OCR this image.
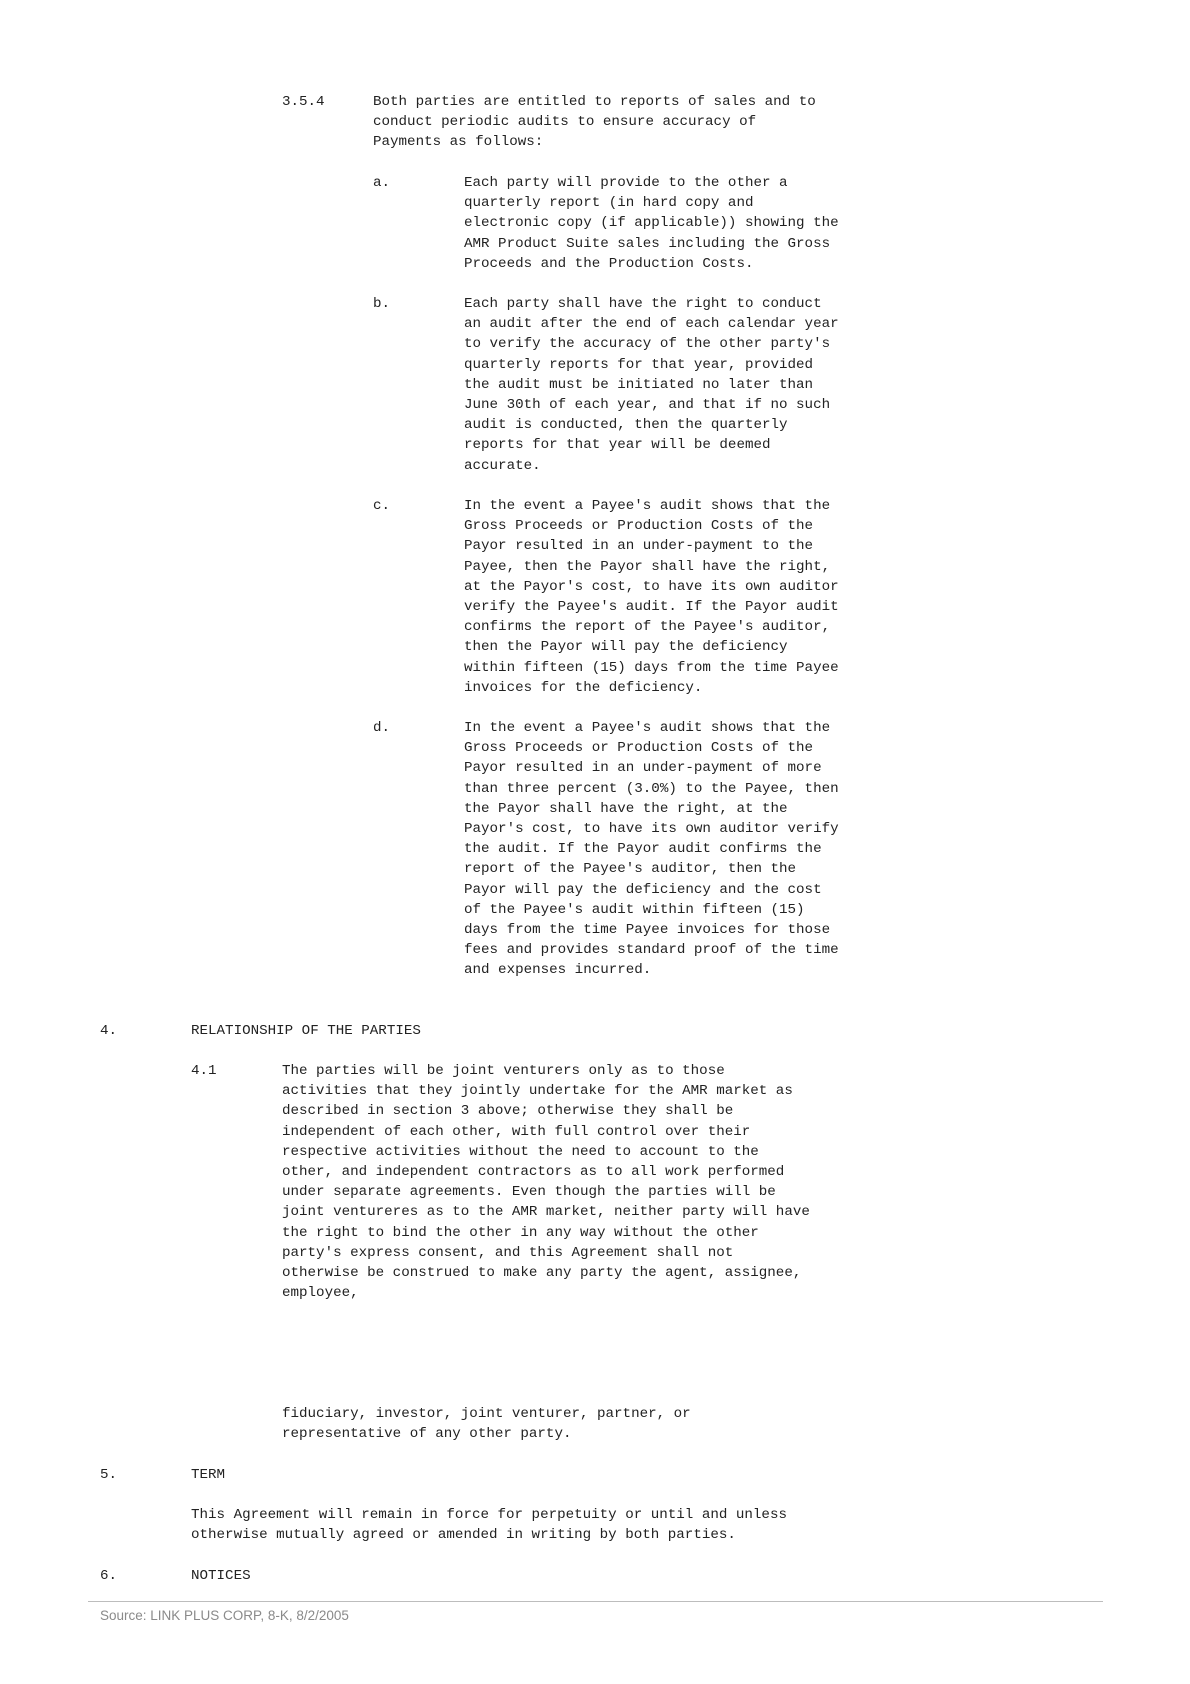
3.5.4	Both parties are entitled to reports of sales and to
conduct periodic audits to ensure accuracy of
Payments as follows:
a.	Each party will provide to the other a
quarterly report (in hard copy and
electronic copy (if applicable)) showing the
AMR Product Suite sales including the Gross
Proceeds and the Production Costs.
b.	Each party shall have the right to conduct
an audit after the end of each calendar year
to verify the accuracy of the other party's
quarterly reports for that year, provided
the audit must be initiated no later than
June 30th of each year, and that if no such
audit is conducted, then the quarterly
reports for that year will be deemed
accurate.
c.	In the event a Payee's audit shows that the
Gross Proceeds or Production Costs of the
Payor resulted in an under-payment to the
Payee, then the Payor shall have the right,
at the Payor's cost, to have its own auditor
verify the Payee's audit. If the Payor audit
confirms the report of the Payee's auditor,
then the Payor will pay the deficiency
within fifteen (15) days from the time Payee
invoices for the deficiency.
d.	In the event a Payee's audit shows that the
Gross Proceeds or Production Costs of the
Payor resulted in an under-payment of more
than three percent (3.0%) to the Payee, then
the Payor shall have the right, at the
Payor's cost, to have its own auditor verify
the audit. If the Payor audit confirms the
report of the Payee's auditor, then the
Payor will pay the deficiency and the cost
of the Payee's audit within fifteen (15)
days from the time Payee invoices for those
fees and provides standard proof of the time
and expenses incurred.
4.	RELATIONSHIP OF THE PARTIES
4.1	The parties will be joint venturers only as to those
activities that they jointly undertake for the AMR market as
described in section 3 above; otherwise they shall be
independent of each other, with full control over their
respective activities without the need to account to the
other, and independent contractors as to all work performed
under separate agreements. Even though the parties will be
joint ventureres as to the AMR market, neither party will have
the right to bind the other in any way without the other
party's express consent, and this Agreement shall not
otherwise be construed to make any party the agent, assignee,
employee,
fiduciary, investor, joint venturer, partner, or
representative of any other party.
5.	TERM
This Agreement will remain in force for perpetuity or until and unless
otherwise mutually agreed or amended in writing by both parties.
6.	NOTICES
Source: LINK PLUS CORP, 8-K, 8/2/2005
